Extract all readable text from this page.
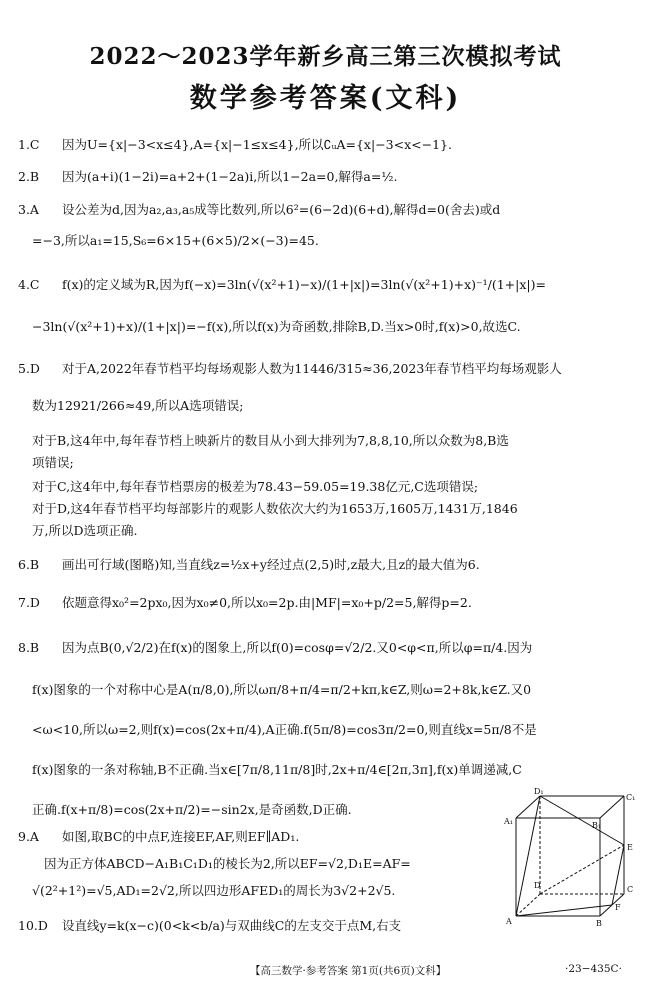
2022～2023学年新乡高三第三次模拟考试
数学参考答案(文科)
1.C 因为U={x|−3<x≤4},A={x|−1≤x≤4},所以∁ᵤA={x|−3<x<−1}.
2.B 因为(a+i)(1−2i)=a+2+(1−2a)i,所以1−2a=0,解得a=½.
3.A 设公差为d,因为a₂,a₃,a₅成等比数列,所以6²=(6−2d)(6+d),解得d=0(舍去)或d
=−3,所以a₁=15,S₆=6×15+(6×5)/2×(−3)=45.
4.C f(x)的定义域为R,因为f(−x)=3ln(√(x²+1)−x)/(1+|x|)=3ln(√(x²+1)+x)⁻¹/(1+|x|)=
−3ln(√(x²+1)+x)/(1+|x|)=−f(x),所以f(x)为奇函数,排除B,D.当x>0时,f(x)>0,故选C.
5.D 对于A,2022年春节档平均每场观影人数为11446/315≈36,2023年春节档平均每场观影人
数为12921/266≈49,所以A选项错误;
对于B,这4年中,每年春节档上映新片的数目从小到大排列为7,8,8,10,所以众数为8,B选
项错误;
对于C,这4年中,每年春节档票房的极差为78.43−59.05=19.38亿元,C选项错误;
对于D,这4年春节档平均每部影片的观影人数依次大约为1653万,1605万,1431万,1846
万,所以D选项正确.
6.B 画出可行域(图略)知,当直线z=½x+y经过点(2,5)时,z最大,且z的最大值为6.
7.D 依题意得x₀²=2px₀,因为x₀≠0,所以x₀=2p.由|MF|=x₀+p/2=5,解得p=2.
8.B 因为点B(0,√2/2)在f(x)的图象上,所以f(0)=cosφ=√2/2.又0<φ<π,所以φ=π/4.因为
f(x)图象的一个对称中心是A(π/8,0),所以ωπ/8+π/4=π/2+kπ,k∈Z,则ω=2+8k,k∈Z.又0
<ω<10,所以ω=2,则f(x)=cos(2x+π/4),A正确.f(5π/8)=cos3π/2=0,则直线x=5π/8不是
f(x)图象的一条对称轴,B不正确.当x∈[7π/8,11π/8]时,2x+π/4∈[2π,3π],f(x)单调递减,C
正确.f(x+π/8)=cos(2x+π/2)=−sin2x,是奇函数,D正确.
9.A 如图,取BC的中点F,连接EF,AF,则EF∥AD₁.
因为正方体ABCD−A₁B₁C₁D₁的棱长为2,所以EF=√2,D₁E=AF=
√(2²+1²)=√5,AD₁=2√2,所以四边形AFED₁的周长为3√2+2√5.
10.D 设直线y=k(x−c)(0<k<b/a)与双曲线C的左支交于点M,右支
D₁
C₁
A₁	B₁
E
D	C
F
A	B
【高三数学·参考答案 第1页(共6页)文科】	·23−435C·
